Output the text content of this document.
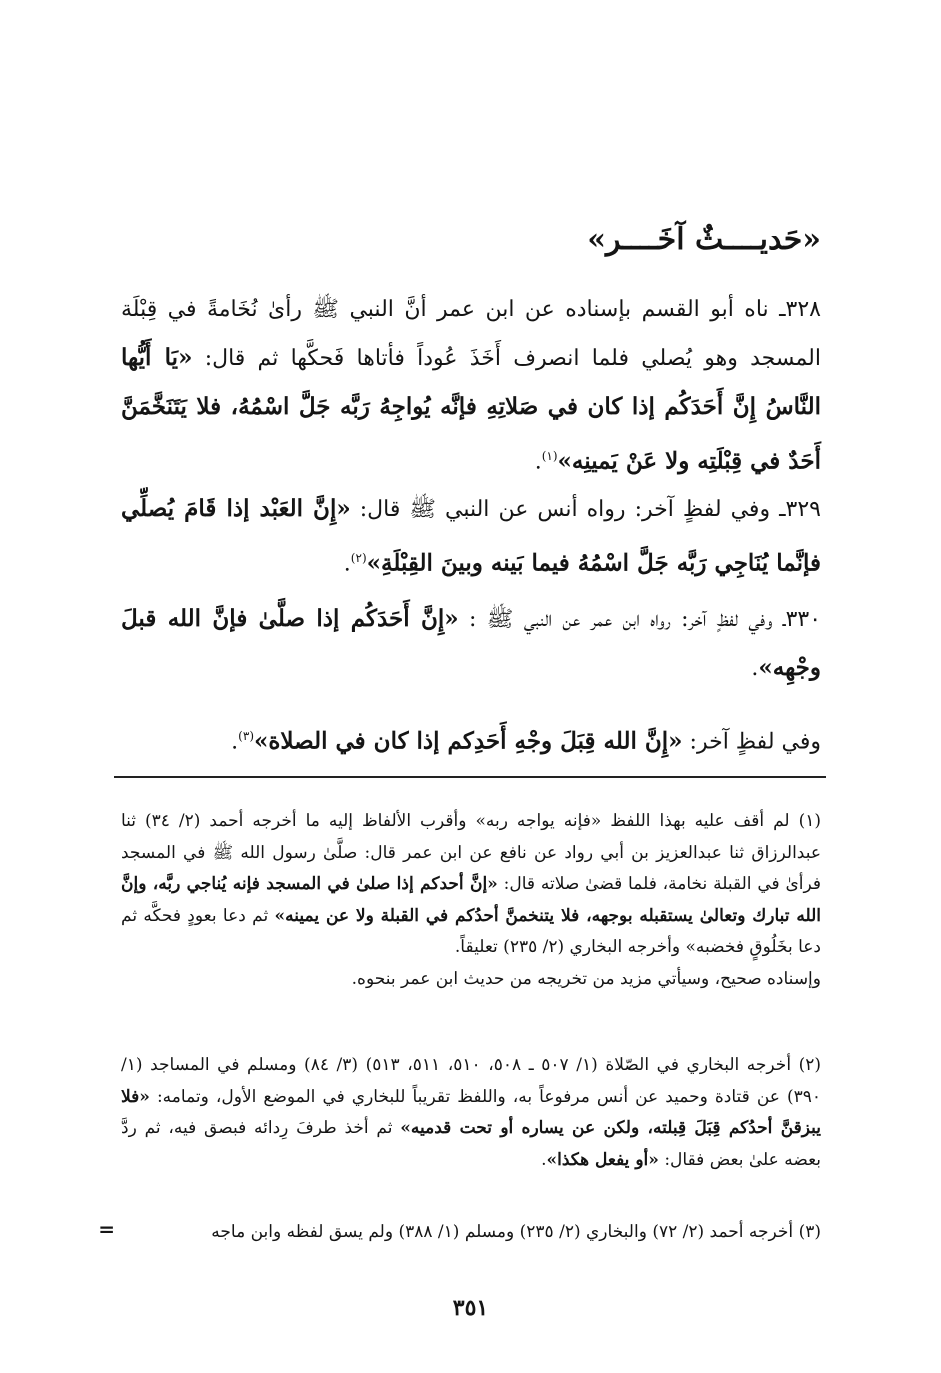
«حَديــــثٌ آخَــــر»

٣٢٨ـ ناه أبو القسم بإسناده عن ابن عمر أنَّ النبي ﷺ رأىٰ نُخَامةً في قِبْلَة المسجد وهو يُصلي فلما انصرف أَخَذَ عُوداً فأتاها فَحكَّها ثم قال: «يَا أَيُّها النَّاسُ إِنَّ أَحَدَكُم إذا كان في صَلاتِهِ فإنَّه يُواجِهُ رَبَّه جَلَّ اسْمُهُ، فلا يَتَنَخَّمَنَّ أَحَدٌ في قِبْلَتِه ولا عَنْ يَمينِه»$^{(١)}$.

٣٢٩ـ وفي لفظٍ آخر: رواه أنس عن النبي ﷺ قال: «إِنَّ العَبْد إذا قَامَ يُصلِّي فإنَّما يُنَاجِي رَبَّه جَلَّ اسْمُهُ فيما بَينه وبينَ القِبْلَةِ»$^{(٢)}$.

٣٣٠ـ وفي لفظٍ آخر: رواه ابن عمر عن النبي ﷺ : «إِنَّ أَحَدَكُم إذا صلَّىٰ فإنَّ الله قبلَ وجْهِه».

وفي لفظٍ آخر: «إِنَّ الله قِبَلَ وجْهِ أَحَدِكم إذا كان في الصلاة»$^{(٣)}$.

(١) لم أقف عليه بهذا اللفظ «فإنه يواجه ربه» وأقرب الألفاظ إليه ما أخرجه أحمد (٢/ ٣٤) ثنا عبدالرزاق ثنا عبدالعزيز بن أبي رواد عن نافع عن ابن عمر قال: صلَّىٰ رسول الله ﷺ في المسجد فرأىٰ في القبلة نخامة، فلما قضىٰ صلاته قال: «إنَّ أحدكم إذا صلىٰ في المسجد فإنه يُناجي ربَّه، وإنَّ الله تبارك وتعالىٰ يستقبله بوجهه، فلا يتنخمنَّ أحدُكم في القبلة ولا عن يمينه» ثم دعا بعودٍ فحكَّه ثم دعا بخَلُوقٍ فخضبه» وأخرجه البخاري (٢/ ٢٣٥) تعليقاً.
وإسناده صحيح، وسيأتي مزيد من تخريجه من حديث ابن عمر بنحوه.

(٢) أخرجه البخاري في الصّلاة (١/ ٥٠٧ ـ ٥٠٨، ٥١٠، ٥١١، ٥١٣) (٣/ ٨٤) ومسلم في المساجد (١/ ٣٩٠) عن قتادة وحميد عن أنس مرفوعاً به، واللفظ تقريباً للبخاري في الموضع الأول، وتمامه: «فلا يبزقنَّ أحدُكم قِبَلَ قِبلته، ولكن عن يساره أو تحت قدميه» ثم أخذ طرفَ رِدائه فبصق فيه، ثم ردَّ بعضه علىٰ بعض فقال: «أو يفعل هكذا».

(٣) أخرجه أحمد (٢/ ٧٢) والبخاري (٢/ ٢٣٥) ومسلم (١/ ٣٨٨) ولم يسق لفظه وابن ماجه

=
٣٥١
